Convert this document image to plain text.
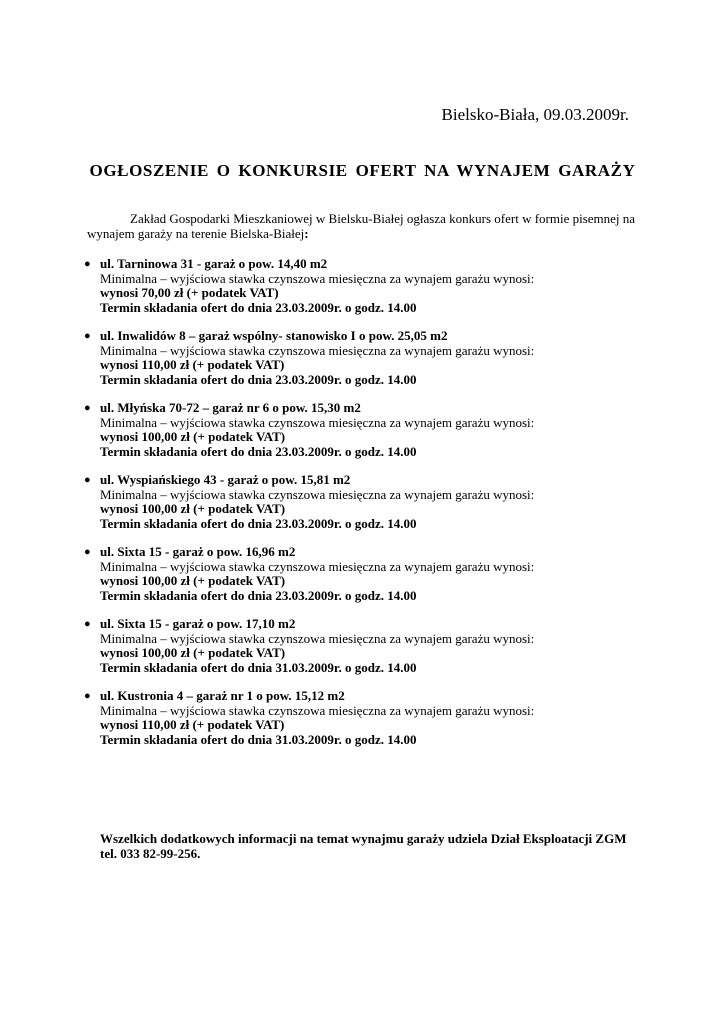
Bielsko-Biała, 09.03.2009r.
OGŁOSZENIE O KONKURSIE OFERT NA WYNAJEM GARAŻY
Zakład Gospodarki Mieszkaniowej w Bielsku-Białej ogłasza konkurs ofert w formie pisemnej na
wynajem garaży na terenie Bielska-Białej:
● ul. Tarninowa 31 - garaż o pow. 14,40 m2
Minimalna – wyjściowa stawka czynszowa miesięczna za wynajem garażu wynosi:
wynosi 70,00 zł (+ podatek VAT)
Termin składania ofert do dnia 23.03.2009r. o godz. 14.00
● ul. Inwalidów 8 – garaż wspólny- stanowisko I o pow. 25,05 m2
Minimalna – wyjściowa stawka czynszowa miesięczna za wynajem garażu wynosi:
wynosi 110,00 zł (+ podatek VAT)
Termin składania ofert do dnia 23.03.2009r. o godz. 14.00
● ul. Młyńska 70-72 – garaż nr 6 o pow. 15,30 m2
Minimalna – wyjściowa stawka czynszowa miesięczna za wynajem garażu wynosi:
wynosi 100,00 zł (+ podatek VAT)
Termin składania ofert do dnia 23.03.2009r. o godz. 14.00
● ul. Wyspiańskiego 43 - garaż o pow. 15,81 m2
Minimalna – wyjściowa stawka czynszowa miesięczna za wynajem garażu wynosi:
wynosi 100,00 zł (+ podatek VAT)
Termin składania ofert do dnia 23.03.2009r. o godz. 14.00
● ul. Sixta 15 - garaż o pow. 16,96 m2
Minimalna – wyjściowa stawka czynszowa miesięczna za wynajem garażu wynosi:
wynosi 100,00 zł (+ podatek VAT)
Termin składania ofert do dnia 23.03.2009r. o godz. 14.00
● ul. Sixta 15 - garaż o pow. 17,10 m2
Minimalna – wyjściowa stawka czynszowa miesięczna za wynajem garażu wynosi:
wynosi 100,00 zł (+ podatek VAT)
Termin składania ofert do dnia 31.03.2009r. o godz. 14.00
● ul. Kustronia 4 – garaż nr 1 o pow. 15,12 m2
Minimalna – wyjściowa stawka czynszowa miesięczna za wynajem garażu wynosi:
wynosi 110,00 zł (+ podatek VAT)
Termin składania ofert do dnia 31.03.2009r. o godz. 14.00
Wszelkich dodatkowych informacji na temat wynajmu garaży udziela Dział Eksploatacji ZGM
tel. 033 82-99-256.
